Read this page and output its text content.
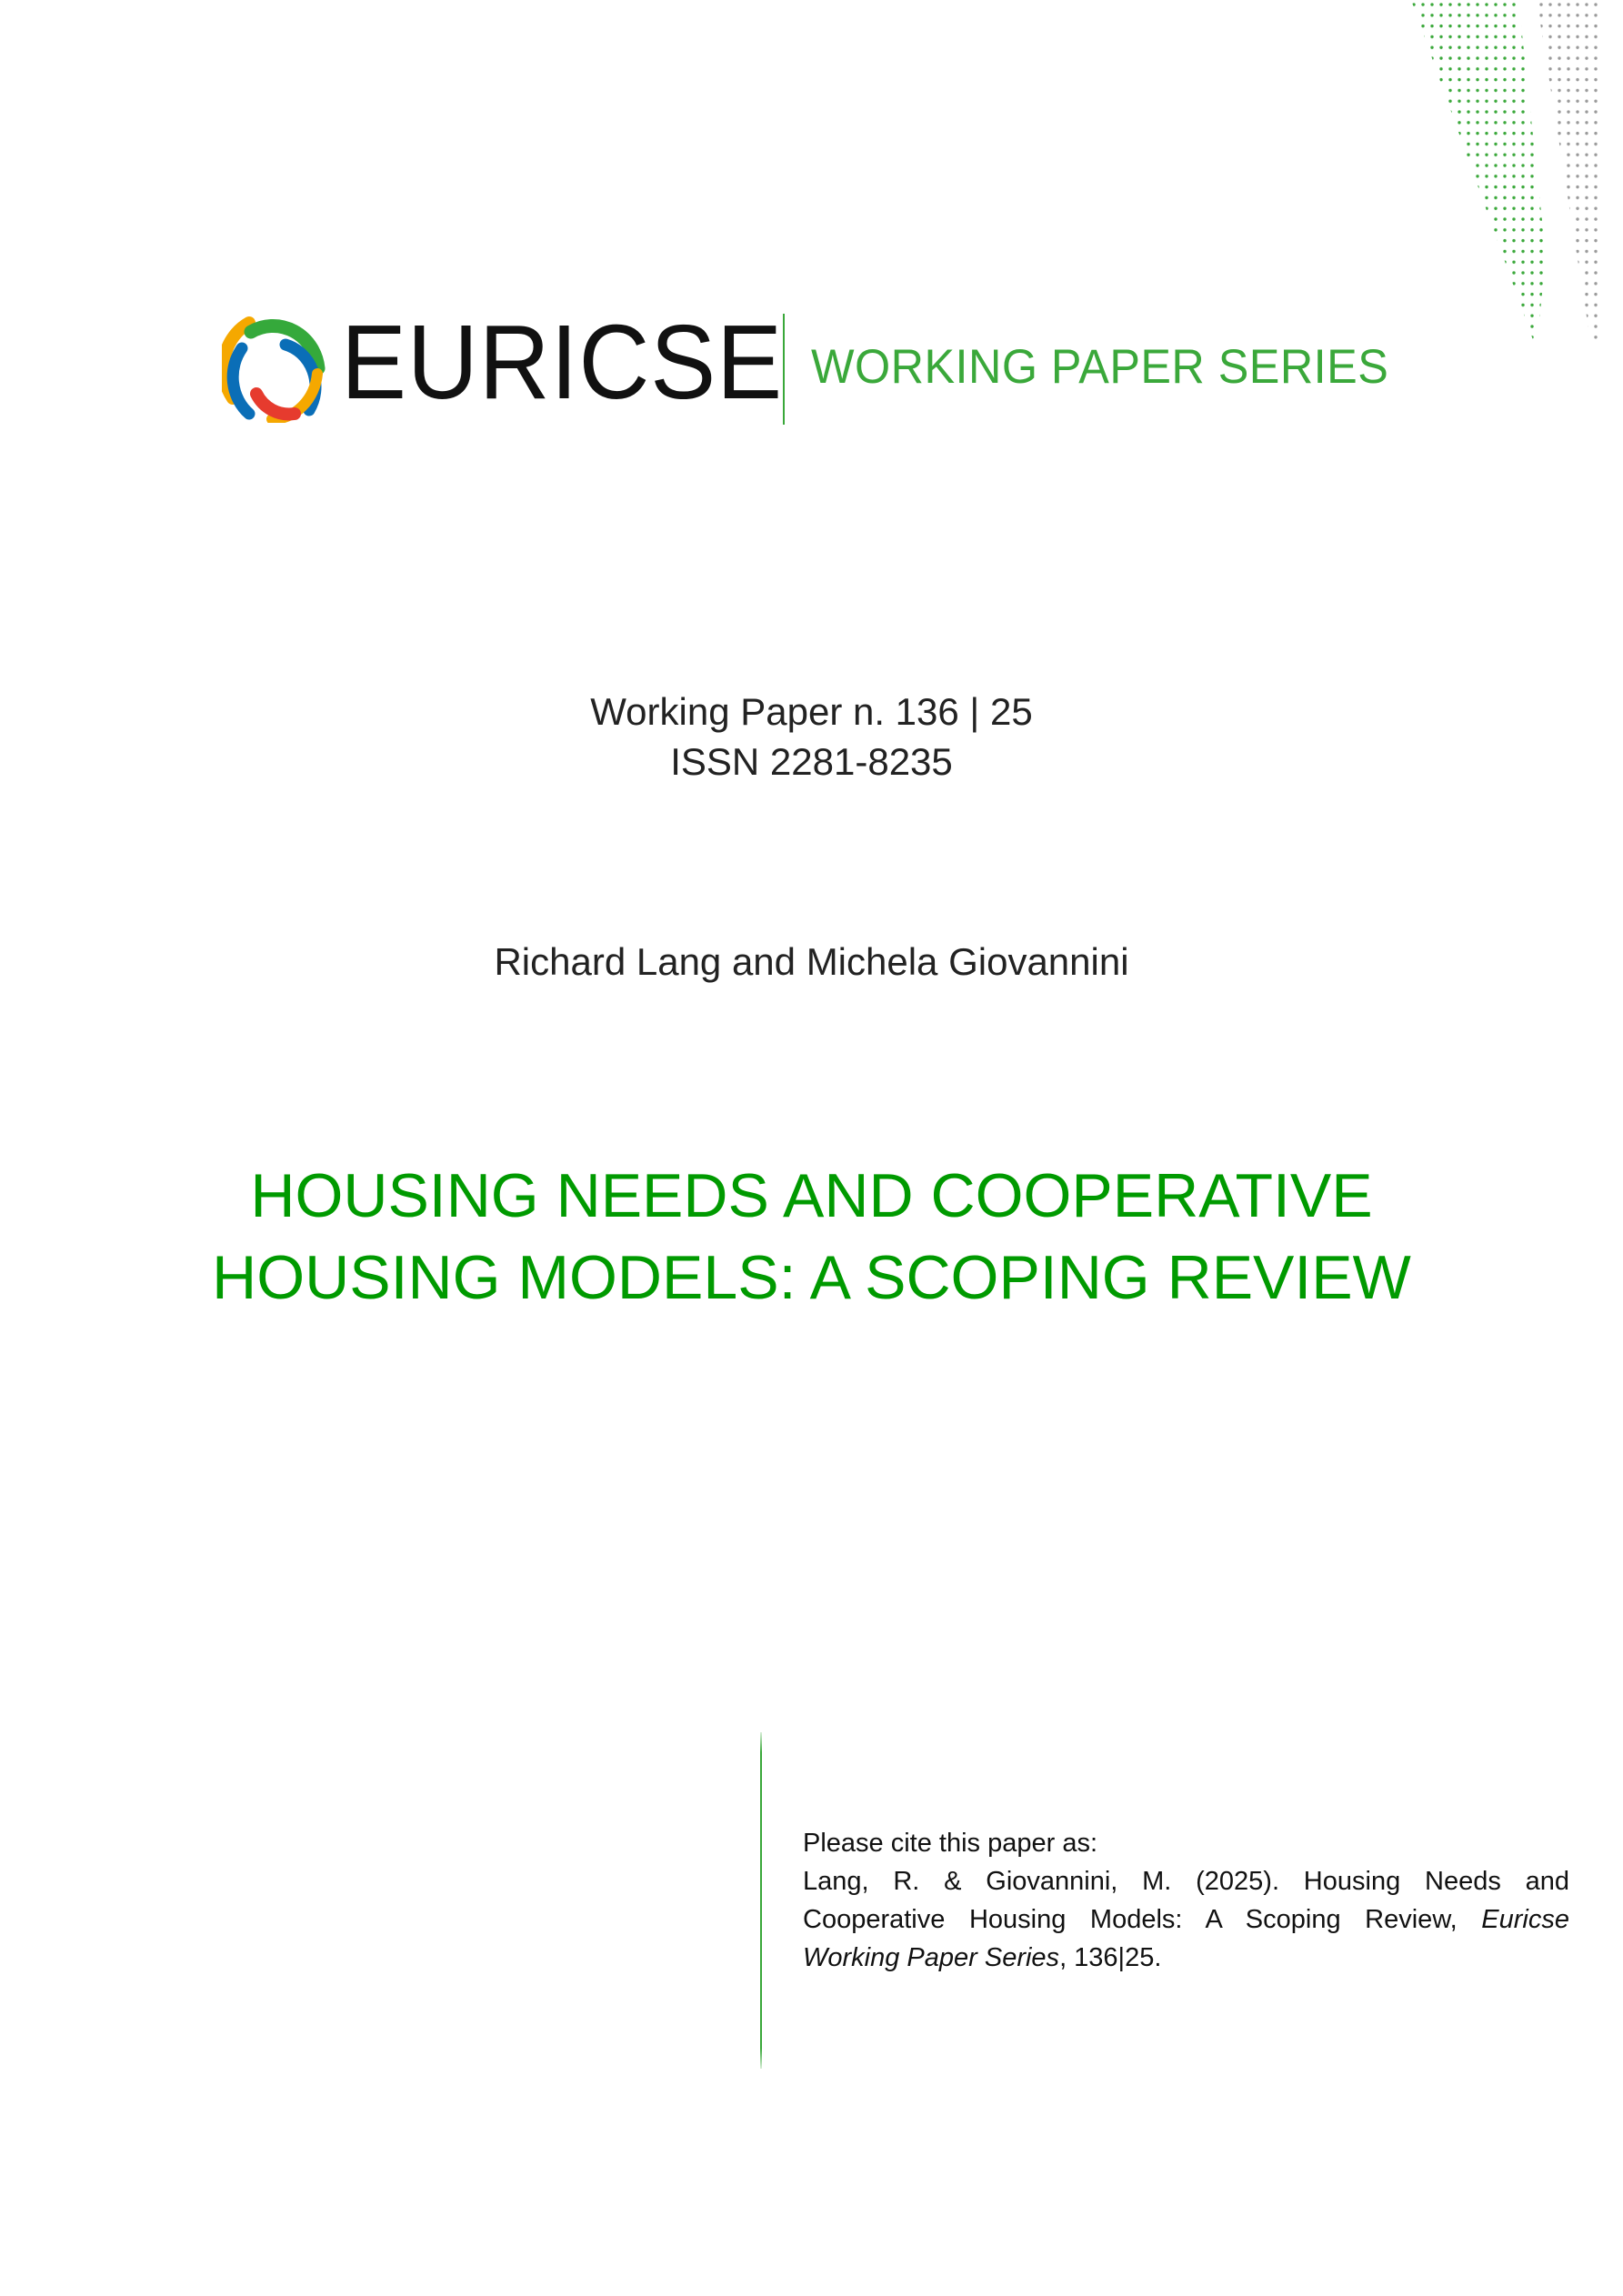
EURICSE WORKING PAPER SERIES
Working Paper n. 136 | 25
ISSN 2281-8235
Richard Lang and Michela Giovannini
HOUSING NEEDS AND COOPERATIVE
HOUSING MODELS: A SCOPING REVIEW
Please cite this paper as:
Lang, R. & Giovannini, M. (2025). Housing Needs and Cooperative Housing Models: A Scoping Review, Euricse Working Paper Series, 136|25.
